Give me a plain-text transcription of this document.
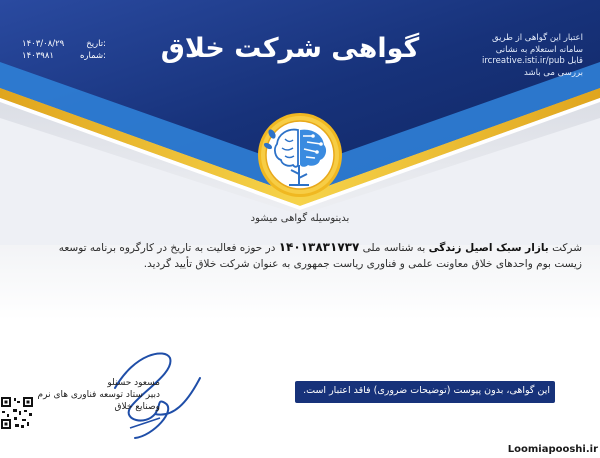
گواهی شرکت خلاق
۱۴۰۳/۰۸/۲۹	تاریخ:
۱۴۰۳۹۸۱	شماره:
اعتبار این گواهی از طریق
سامانه استعلام به نشانی
ircreative.isti.ir/pub قابل
بررسی می باشد
بدینوسیله گواهی میشود
شرکت بازار سبک اصیل زندگی به شناسه ملی ۱۴۰۱۳۸۳۱۷۳۷ در حوزه فعالیت به تاریخ در کارگروه برنامه توسعه زیست بوم واحدهای خلاق معاونت علمی و فناوری ریاست جمهوری به عنوان شرکت خلاق تأیید گردید.
این گواهی، بدون پیوست (توضیحات ضروری) فاقد اعتبار است.
مسعود حسنلو
دبیر ستاد توسعه فناوری های نرم
وصنایع خلاق
Loomiapooshi.ir
